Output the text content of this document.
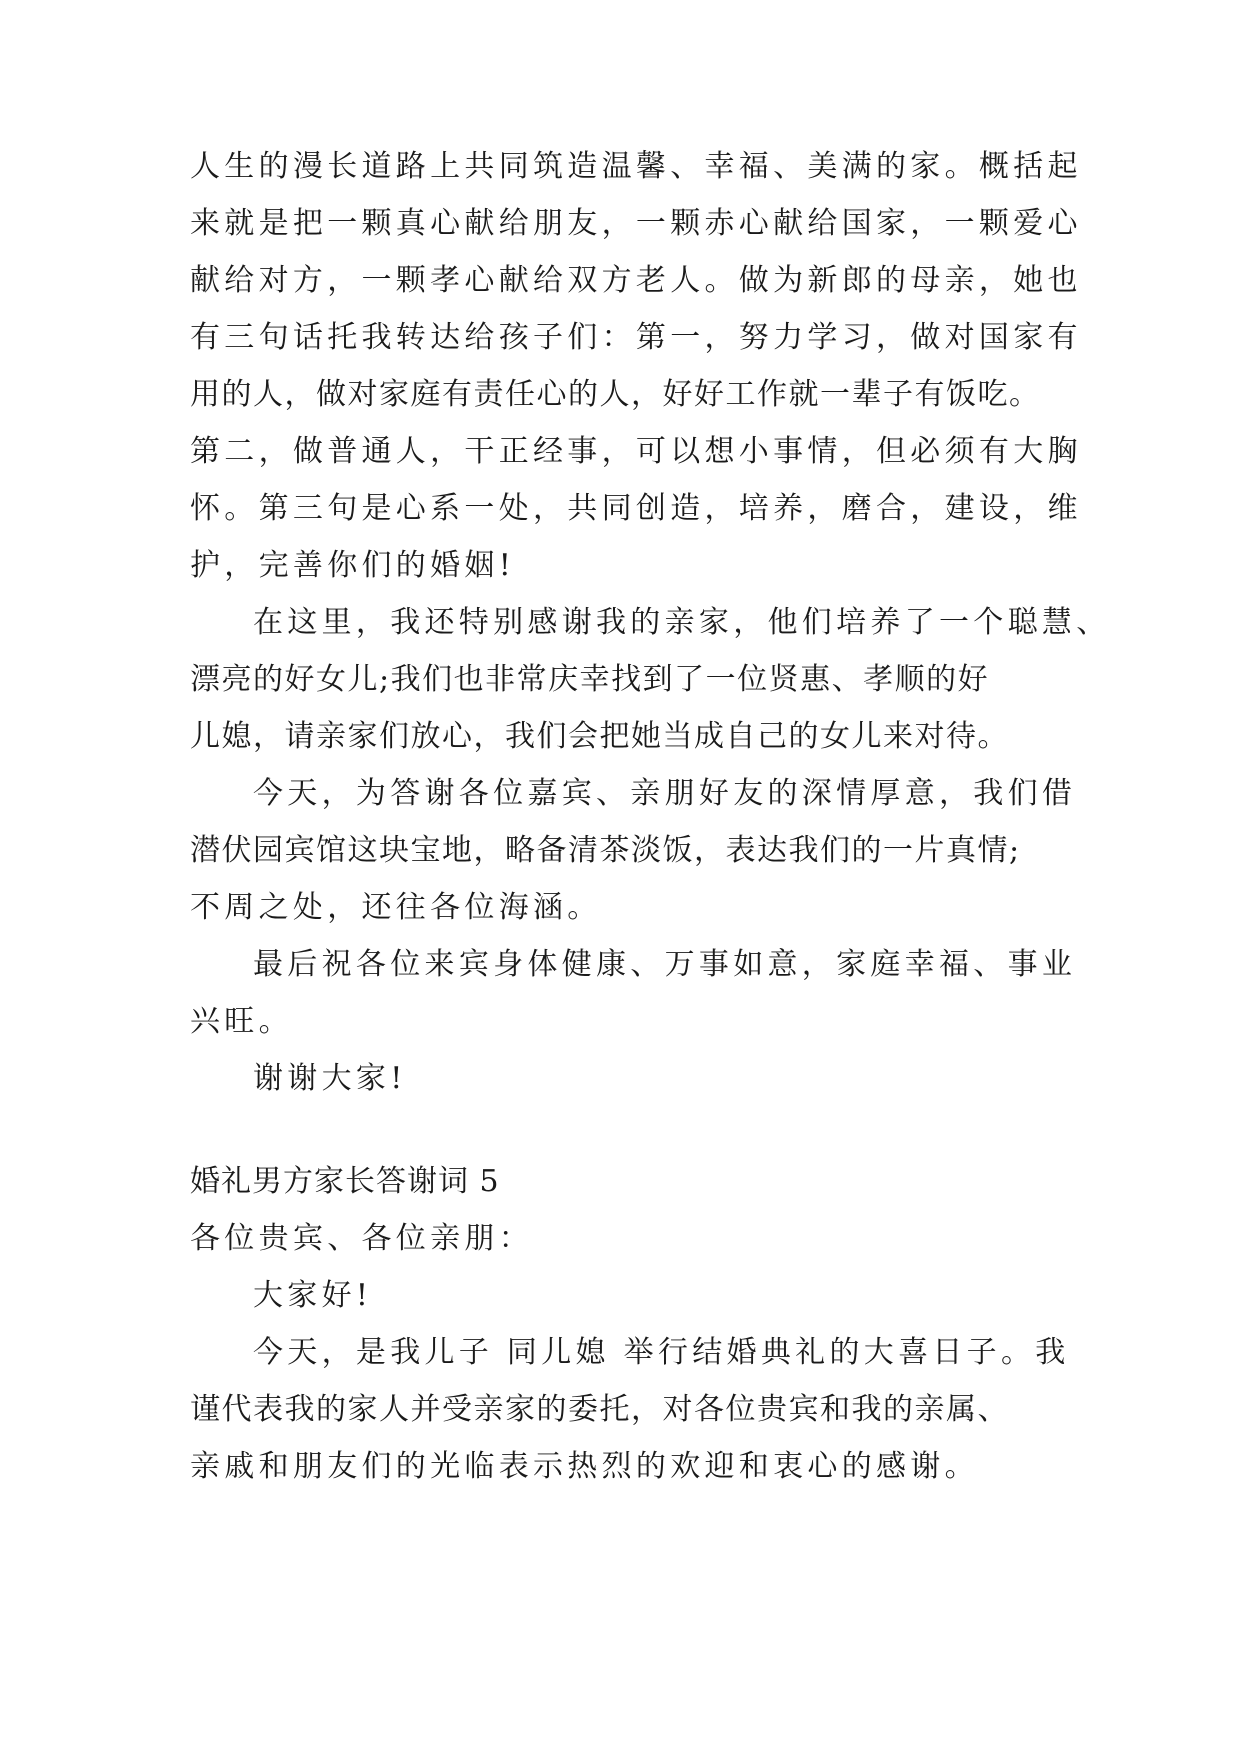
人生的漫长道路上共同筑造温馨、幸福、美满的家。概括起

来就是把一颗真心献给朋友，一颗赤心献给国家，一颗爱心

献给对方，一颗孝心献给双方老人。做为新郎的母亲，她也

有三句话托我转达给孩子们：第一，努力学习，做对国家有

用的人，做对家庭有责任心的人，好好工作就一辈子有饭吃。

第二，做普通人，干正经事，可以想小事情，但必须有大胸

怀。第三句是心系一处，共同创造，培养，磨合，建设，维

护，完善你们的婚姻!

在这里，我还特别感谢我的亲家，他们培养了一个聪慧、

漂亮的好女儿;我们也非常庆幸找到了一位贤惠、孝顺的好

儿媳，请亲家们放心，我们会把她当成自己的女儿来对待。

今天，为答谢各位嘉宾、亲朋好友的深情厚意，我们借

潜伏园宾馆这块宝地，略备清茶淡饭，表达我们的一片真情;

不周之处，还往各位海涵。

最后祝各位来宾身体健康、万事如意，家庭幸福、事业

兴旺。

谢谢大家!

婚礼男方家长答谢词 5

各位贵宾、各位亲朋：

大家好!

今天，是我儿子 同儿媳 举行结婚典礼的大喜日子。我

谨代表我的家人并受亲家的委托，对各位贵宾和我的亲属、

亲戚和朋友们的光临表示热烈的欢迎和衷心的感谢。
